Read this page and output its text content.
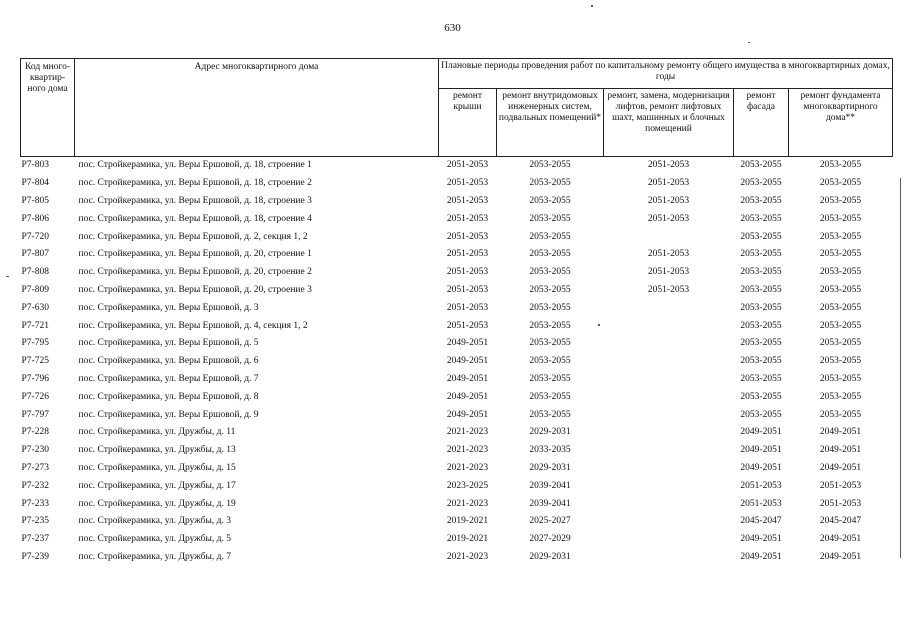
630
Код много-квартир-ного дома	Адрес многоквартирного дома	Плановые периоды проведения работ по капитальному ремонту общего имущества в многоквартирных домах, годы				
		ремонт крыши	ремонт внутридомовых инженерных систем, подвальных помещений*	ремонт, замена, модернизация лифтов, ремонт лифтовых шахт, машинных и блочных помещений	ремонт фасада	ремонт фундамента многоквартирного дома**
P7-803	пос. Стройкерамика, ул. Веры Ершовой, д. 18, строение 1	2051-2053	2053-2055	2051-2053	2053-2055	2053-2055
P7-804	пос. Стройкерамика, ул. Веры Ершовой, д. 18, строение 2	2051-2053	2053-2055	2051-2053	2053-2055	2053-2055
P7-805	пос. Стройкерамика, ул. Веры Ершовой, д. 18, строение 3	2051-2053	2053-2055	2051-2053	2053-2055	2053-2055
P7-806	пос. Стройкерамика, ул. Веры Ершовой, д. 18, строение 4	2051-2053	2053-2055	2051-2053	2053-2055	2053-2055
P7-720	пос. Стройкерамика, ул. Веры Ершовой, д. 2, секция 1, 2	2051-2053	2053-2055		2053-2055	2053-2055
P7-807	пос. Стройкерамика, ул. Веры Ершовой, д. 20, строение 1	2051-2053	2053-2055	2051-2053	2053-2055	2053-2055
P7-808	пос. Стройкерамика, ул. Веры Ершовой, д. 20, строение 2	2051-2053	2053-2055	2051-2053	2053-2055	2053-2055
P7-809	пос. Стройкерамика, ул. Веры Ершовой, д. 20, строение 3	2051-2053	2053-2055	2051-2053	2053-2055	2053-2055
P7-630	пос. Стройкерамика, ул. Веры Ершовой, д. 3	2051-2053	2053-2055		2053-2055	2053-2055
P7-721	пос. Стройкерамика, ул. Веры Ершовой, д. 4, секция 1, 2	2051-2053	2053-2055		2053-2055	2053-2055
P7-795	пос. Стройкерамика, ул. Веры Ершовой, д. 5	2049-2051	2053-2055		2053-2055	2053-2055
P7-725	пос. Стройкерамика, ул. Веры Ершовой, д. 6	2049-2051	2053-2055		2053-2055	2053-2055
P7-796	пос. Стройкерамика, ул. Веры Ершовой, д. 7	2049-2051	2053-2055		2053-2055	2053-2055
P7-726	пос. Стройкерамика, ул. Веры Ершовой, д. 8	2049-2051	2053-2055		2053-2055	2053-2055
P7-797	пос. Стройкерамика, ул. Веры Ершовой, д. 9	2049-2051	2053-2055		2053-2055	2053-2055
P7-228	пос. Стройкерамика, ул. Дружбы, д. 11	2021-2023	2029-2031		2049-2051	2049-2051
P7-230	пос. Стройкерамика, ул. Дружбы, д. 13	2021-2023	2033-2035		2049-2051	2049-2051
P7-273	пос. Стройкерамика, ул. Дружбы, д. 15	2021-2023	2029-2031		2049-2051	2049-2051
P7-232	пос. Стройкерамика, ул. Дружбы, д. 17	2023-2025	2039-2041		2051-2053	2051-2053
P7-233	пос. Стройкерамика, ул. Дружбы, д. 19	2021-2023	2039-2041		2051-2053	2051-2053
P7-235	пос. Стройкерамика, ул. Дружбы, д. 3	2019-2021	2025-2027		2045-2047	2045-2047
P7-237	пос. Стройкерамика, ул. Дружбы, д. 5	2019-2021	2027-2029		2049-2051	2049-2051
P7-239	пос. Стройкерамика, ул. Дружбы, д. 7	2021-2023	2029-2031		2049-2051	2049-2051
